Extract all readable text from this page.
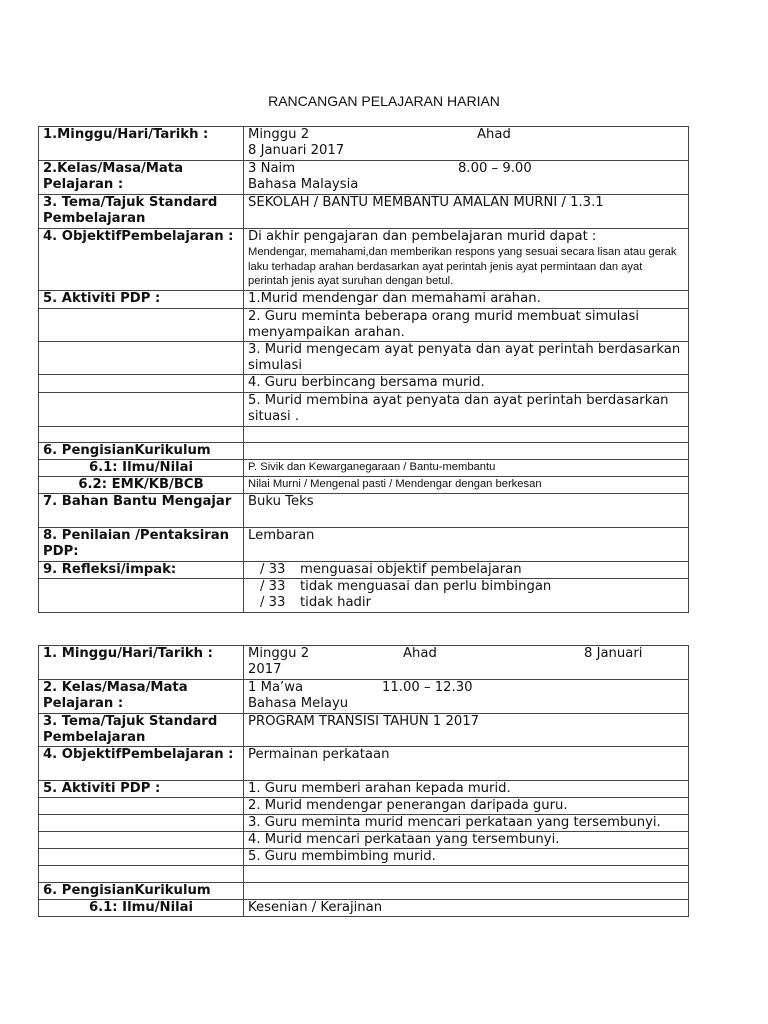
RANCANGAN PELAJARAN HARIAN
1.Minggu/Hari/Tarikh :	Minggu 2 Ahad
8 Januari 2017

2.Kelas/Masa/Mata Pelajaran :	3 Naim 8.00 – 9.00
Bahasa Malaysia

3. Tema/Tajuk Standard Pembelajaran	SEKOLAH / BANTU MEMBANTU AMALAN MURNI / 1.3.1
4. ObjektifPembelajaran :	Di akhir pengajaran dan pembelajaran murid dapat :
Mendengar, memahami,dan memberikan respons yang sesuai secara lisan atau gerak laku terhadap arahan berdasarkan ayat perintah jenis ayat permintaan dan ayat perintah jenis ayat suruhan dengan betul.

5. Aktiviti PDP :	1.Murid mendengar dan memahami arahan.
	2. Guru meminta beberapa orang murid membuat simulasi menyampaikan arahan.
	3. Murid mengecam ayat penyata dan ayat perintah berdasarkan simulasi
	4. Guru berbincang bersama murid.
	5. Murid membina ayat penyata dan ayat perintah berdasarkan situasi .

6. PengisianKurikulum	
6.1: Ilmu/Nilai	P. Sivik dan Kewarganegaraan / Bantu-membantu
6.2: EMK/KB/BCB	Nilai Murni / Mengenal pasti / Mendengar dengan berkesan
7. Bahan Bantu Mengajar	Buku Teks
8. Penilaian /Pentaksiran PDP:	Lembaran
9. Refleksi/impak:	/ 33 menguasai objektif pembelajaran

	/ 33 tidak menguasai dan perlu bimbingan
/ 33 tidak hadir
1. Minggu/Hari/Tarikh :	Minggu 2 Ahad 8 Januari
2017

2. Kelas/Masa/Mata Pelajaran :	1 Ma’wa 11.00 – 12.30
Bahasa Melayu

3. Tema/Tajuk Standard Pembelajaran	PROGRAM TRANSISI TAHUN 1 2017
4. ObjektifPembelajaran :	Permainan perkataan
5. Aktiviti PDP :	1. Guru memberi arahan kepada murid.
	2. Murid mendengar penerangan daripada guru.
	3. Guru meminta murid mencari perkataan yang tersembunyi.
	4. Murid mencari perkataan yang tersembunyi.
	5. Guru membimbing murid.

6. PengisianKurikulum	
6.1: Ilmu/Nilai	Kesenian / Kerajinan
